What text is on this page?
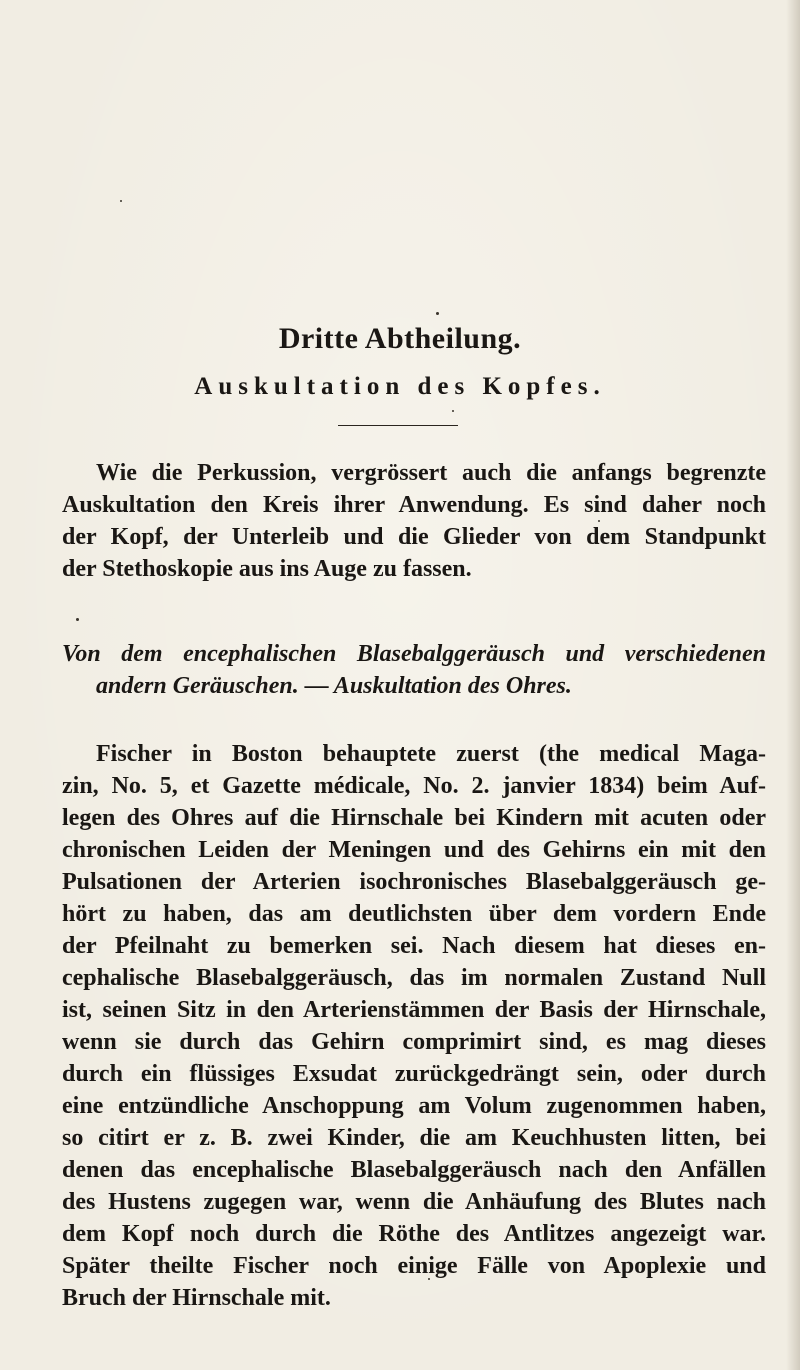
Dritte Abtheilung.
Auskultation des Kopfes.
Wie die Perkussion, vergrössert auch die anfangs begrenzte
Auskultation den Kreis ihrer Anwendung. Es sind daher noch
der Kopf, der Unterleib und die Glieder von dem Standpunkt
der Stethoskopie aus ins Auge zu fassen.
Von dem encephalischen Blasebalggeräusch und verschiedenen
andern Geräuschen. — Auskultation des Ohres.
Fischer in Boston behauptete zuerst (the medical Maga-
zin, No. 5, et Gazette médicale, No. 2. janvier 1834) beim Auf-
legen des Ohres auf die Hirnschale bei Kindern mit acuten oder
chronischen Leiden der Meningen und des Gehirns ein mit den
Pulsationen der Arterien isochronisches Blasebalggeräusch ge-
hört zu haben, das am deutlichsten über dem vordern Ende
der Pfeilnaht zu bemerken sei. Nach diesem hat dieses en-
cephalische Blasebalggeräusch, das im normalen Zustand Null
ist, seinen Sitz in den Arterienstämmen der Basis der Hirnschale,
wenn sie durch das Gehirn comprimirt sind, es mag dieses
durch ein flüssiges Exsudat zurückgedrängt sein, oder durch
eine entzündliche Anschoppung am Volum zugenommen haben,
so citirt er z. B. zwei Kinder, die am Keuchhusten litten, bei
denen das encephalische Blasebalggeräusch nach den Anfällen
des Hustens zugegen war, wenn die Anhäufung des Blutes nach
dem Kopf noch durch die Röthe des Antlitzes angezeigt war.
Später theilte Fischer noch einige Fälle von Apoplexie und
Bruch der Hirnschale mit.
